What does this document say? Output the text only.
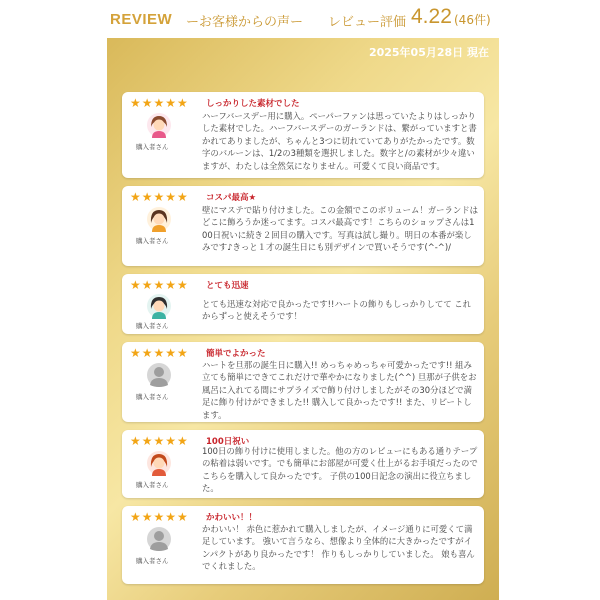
REVIEW ーお客様からの声ー レビュー評価 4.22 (46件)
2025年05月28日 現在
★★★★★ しっかりした素材でした
購入者さん
ハーフバースデー用に購入。ペーパーファンは思っていたよりはしっかりした素材でした。ハーフバースデーのガーランドは、繋がっていますと書かれてありましたが、ちゃんと3つに切れていてありがたかったです。数字のバルーンは、1/2の3種類を選択しました。数字と/の素材が少々違いますが、わたしは全然気になりません。可愛くて良い商品です。
★★★★★ コスパ最高★
購入者さん
壁にマステで貼り付けました。この金額でこのボリューム！ガーランドはどこに飾ろうか迷ってます。コスパ最高です！こちらのショップさんは100日祝いに続き２回目の購入です。写真は試し撮り。明日の本番が楽しみです♪きっと１才の誕生日にも別デザインで買いそうです(^-^)/
★★★★★ とても迅速
購入者さん
とても迅速な対応で良かったです!!ハートの飾りもしっかりしてて これからずっと使えそうです！
★★★★★ 簡単でよかった
購入者さん
ハートを旦那の誕生日に購入!! めっちゃめっちゃ可愛かったです!! 組み立ても簡単にできてこれだけで華やかになりました(^^) 旦那が子供をお風呂に入れてる間にサプライズで飾り付けしましたがその30分ほどで満足に飾り付けができました!! 購入して良かったです!! また、リピートします。
★★★★★ 100日祝い
購入者さん
100日の飾り付けに使用しました。他の方のレビューにもある通りテープの粘着は弱いです。でも簡単にお部屋が可愛く仕上がるお手頃だったのでこちらを購入して良かったです。 子供の100日記念の演出に役立ちました。
★★★★★ かわいい！！
購入者さん
かわいい！ 赤色に惹かれて購入しましたが、イメージ通りに可愛くて満足しています。 強いて言うなら、想像より全体的に大きかったですがインパクトがあり良かったです！ 作りもしっかりしていました。 娘も喜んでくれました。
